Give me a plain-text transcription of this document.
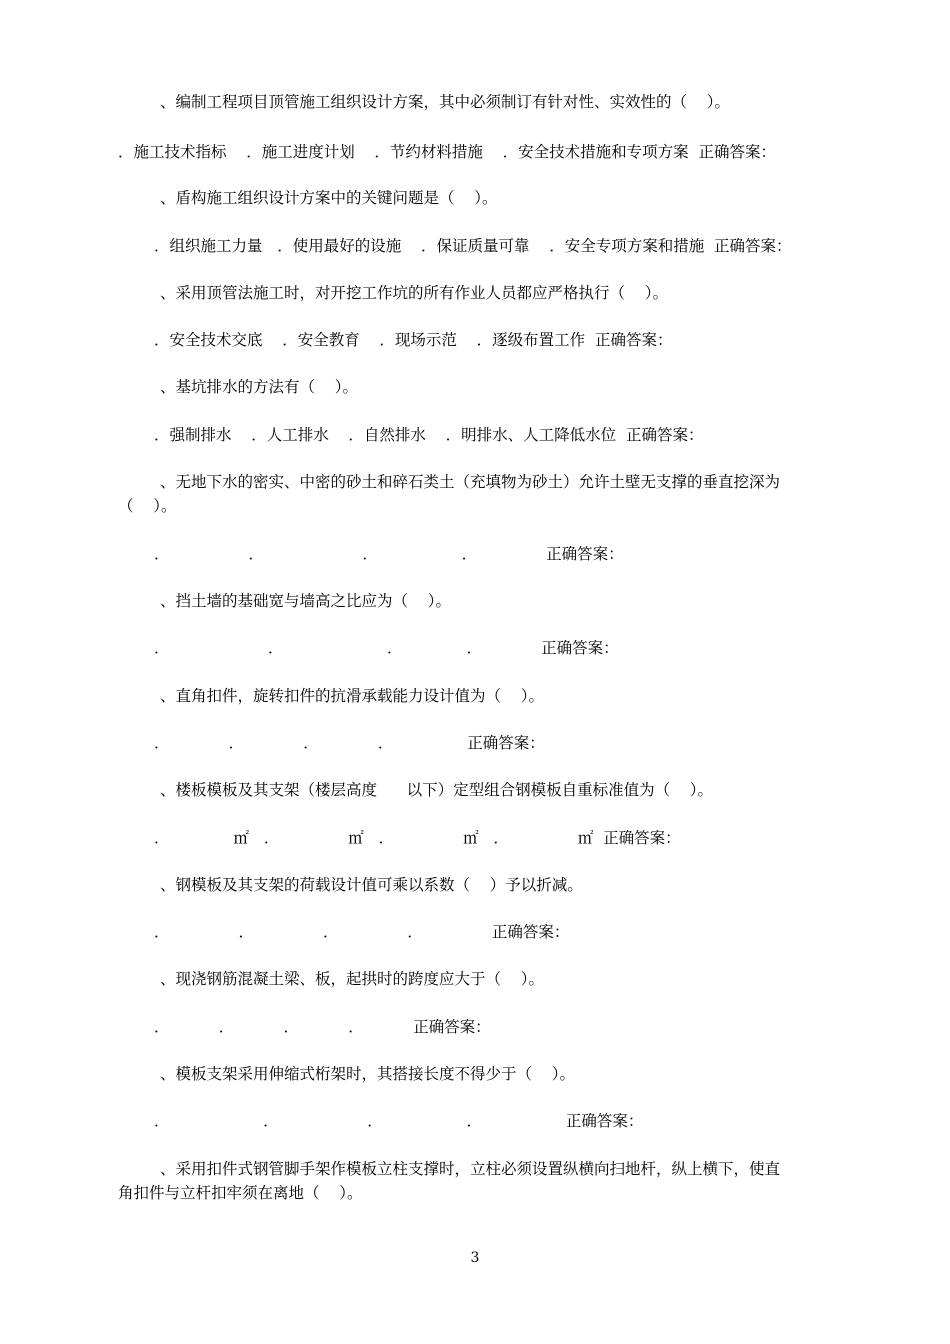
、编制工程项目顶管施工组织设计方案，其中必须制订有针对性、实效性的（    ）。
．施工技术指标    ．施工进度计划    ．节约材料措施    ．安全技术措施和专项方案  正确答案：
、盾构施工组织设计方案中的关键问题是（    ）。
．组织施工力量   ．使用最好的设施    ．保证质量可靠    ．安全专项方案和措施  正确答案：
、采用顶管法施工时，对开挖工作坑的所有作业人员都应严格执行（    ）。
．安全技术交底    ．安全教育    ．现场示范    ．逐级布置工作  正确答案：
、基坑排水的方法有（    ）。
．强制排水    ．人工排水    ．自然排水    ．明排水、人工降低水位  正确答案：
、无地下水的密实、中密的砂土和碎石类土（充填物为砂土）允许土壁无支撑的垂直挖深为
（    ）。
．                ．                    ．                 ．              正确答案：
、挡土墙的基础宽与墙高之比应为（    ）。
．                    ．                     ．             ．            正确答案：
、直角扣件，旋转扣件的抗滑承载能力设计值为（    ）。
．            ．            ．            ．               正确答案：
、楼板模板及其支架（楼层高度      以下）定型组合钢模板自重标准值为（    ）。
．             ㎡   ．              ㎡   ．              ㎡   ．              ㎡  正确答案：
、钢模板及其支架的荷载设计值可乘以系数（    ）予以折减。
．              ．              ．              ．              正确答案：
、现浇钢筋混凝土梁、板，起拱时的跨度应大于（    ）。
．          ．          ．          ．          正确答案：
、模板支架采用伸缩式桁架时，其搭接长度不得少于（    ）。
．                   ．                  ．                 ．                 正确答案：
、采用扣件式钢管脚手架作模板立柱支撑时，立柱必须设置纵横向扫地杆，纵上横下，使直
角扣件与立杆扣牢须在离地（    ）。
3
